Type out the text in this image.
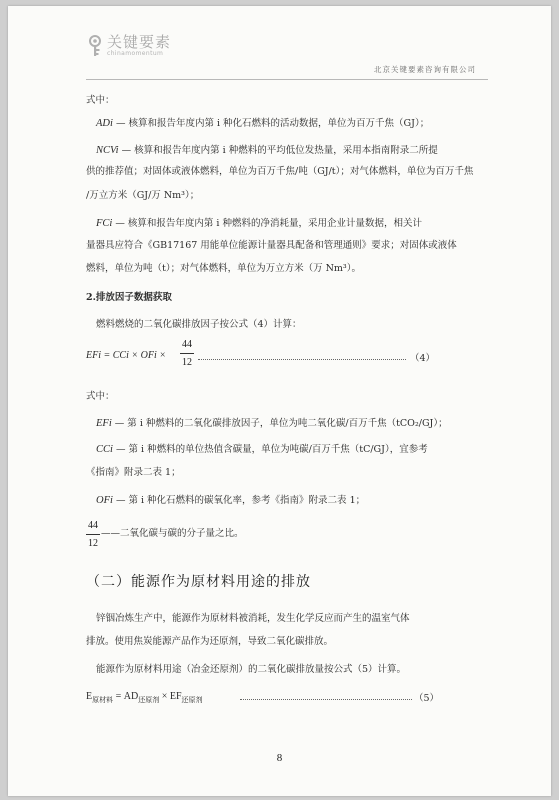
关键要素
chinamomentum
北京关键要素咨询有限公司
式中：
ADi — 核算和报告年度内第 i 种化石燃料的活动数据，单位为百万千焦（GJ）；
NCVi — 核算和报告年度内第 i 种燃料的平均低位发热量，采用本指南附录二所提
供的推荐值；对固体或液体燃料，单位为百万千焦/吨（GJ/t）；对气体燃料，单位为百万千焦
/万立方米（GJ/万 Nm³）；
FCi — 核算和报告年度内第 i 种燃料的净消耗量，采用企业计量数据，相关计
量器具应符合《GB17167 用能单位能源计量器具配备和管理通则》要求；对固体或液体
燃料，单位为吨（t）；对气体燃料，单位为万立方米（万 Nm³）。
2.排放因子数据获取
燃料燃烧的二氧化碳排放因子按公式（4）计算：
EFi = CCi × OFi ×
44
12	（4）
式中：
EFi — 第 i 种燃料的二氧化碳排放因子，单位为吨二氧化碳/百万千焦（tCO₂/GJ）；
CCi — 第 i 种燃料的单位热值含碳量，单位为吨碳/百万千焦（tC/GJ），宜参考
《指南》附录二表 1；
OFi — 第 i 种化石燃料的碳氧化率，参考《指南》附录二表 1；
44
12
——二氧化碳与碳的分子量之比。
（二）能源作为原材料用途的排放
锌铟冶炼生产中，能源作为原材料被消耗，发生化学反应而产生的温室气体
排放。使用焦炭能源产品作为还原剂，导致二氧化碳排放。
能源作为原材料用途（冶金还原剂）的二氧化碳排放量按公式（5）计算。
$E_{原材料} = AD_{还原剂} \times EF_{还原剂}$	（5）
8
